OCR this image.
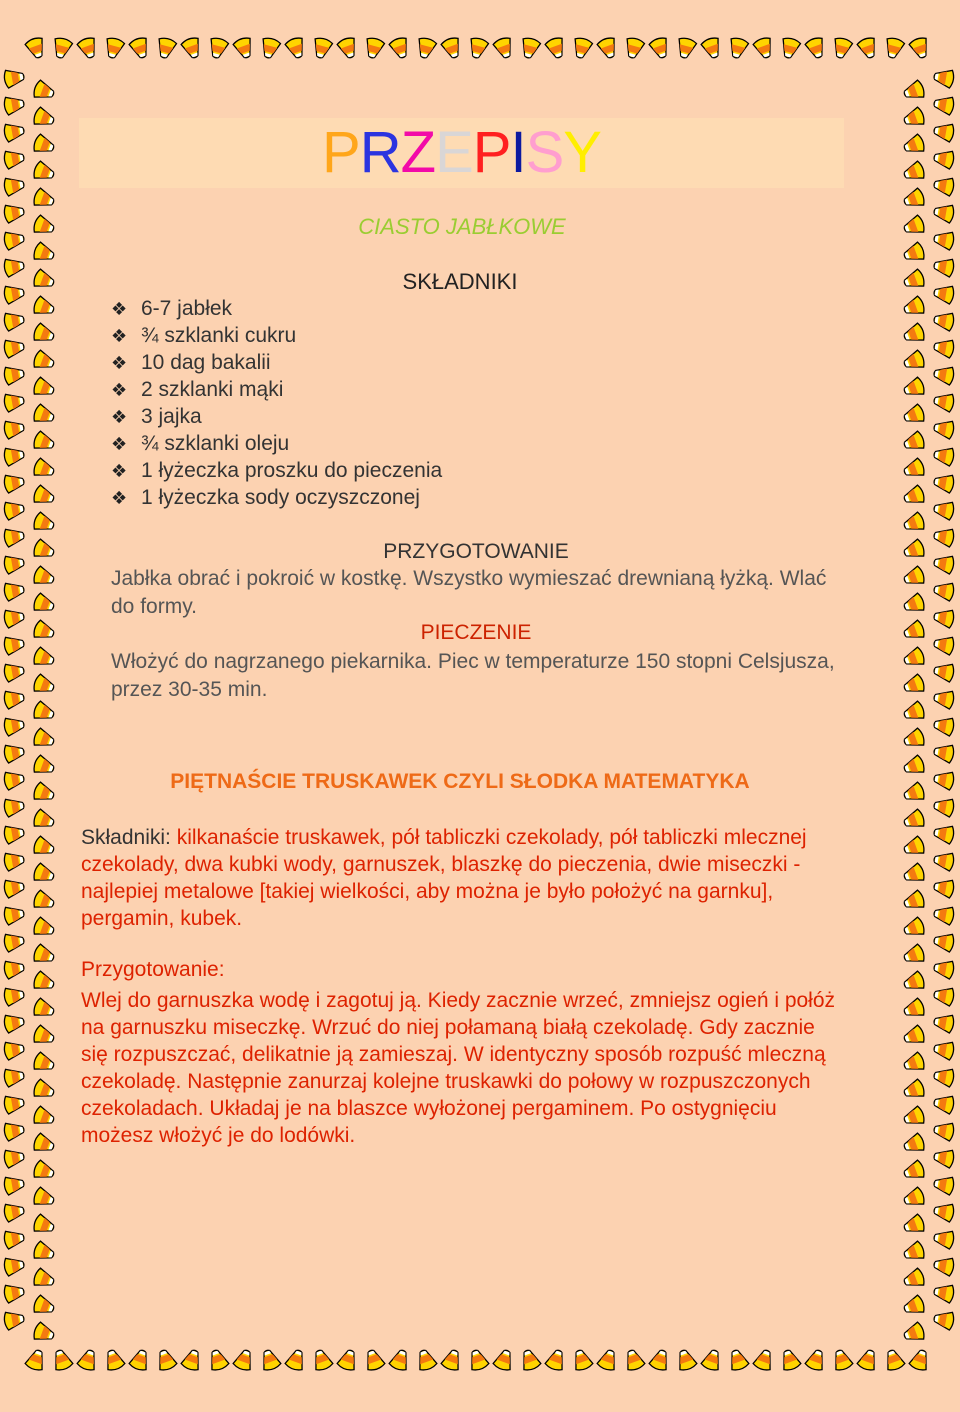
PRZEPISY
CIASTO JABŁKOWE
SKŁADNIKI
❖ 6-7 jabłek
❖ ¾ szklanki cukru
❖ 10 dag bakalii
❖ 2 szklanki mąki
❖ 3 jajka
❖ ¾ szklanki oleju
❖ 1 łyżeczka proszku do pieczenia
❖ 1 łyżeczka sody oczyszczonej
PRZYGOTOWANIE
Jabłka obrać i pokroić w kostkę. Wszystko wymieszać drewnianą łyżką. Wlać do formy.
PIECZENIE
Włożyć do nagrzanego piekarnika. Piec w temperaturze 150 stopni Celsjusza, przez 30-35 min.
PIĘTNAŚCIE TRUSKAWEK CZYLI SŁODKA MATEMATYKA
Składniki: kilkanaście truskawek, pół tabliczki czekolady, pół tabliczki mlecznej czekolady, dwa kubki wody, garnuszek, blaszkę do pieczenia, dwie miseczki - najlepiej metalowe [takiej wielkości, aby można je było położyć na garnku], pergamin, kubek.
Przygotowanie:
Wlej do garnuszka wodę i zagotuj ją. Kiedy zacznie wrzeć, zmniejsz ogień i połóż na garnuszku miseczkę. Wrzuć do niej połamaną białą czekoladę. Gdy zacznie się rozpuszczać, delikatnie ją zamieszaj. W identyczny sposób rozpuść mleczną czekoladę. Następnie zanurzaj kolejne truskawki do połowy w rozpuszczonych czekoladach. Układaj je na blaszce wyłożonej pergaminem. Po ostygnięciu możesz włożyć je do lodówki.
